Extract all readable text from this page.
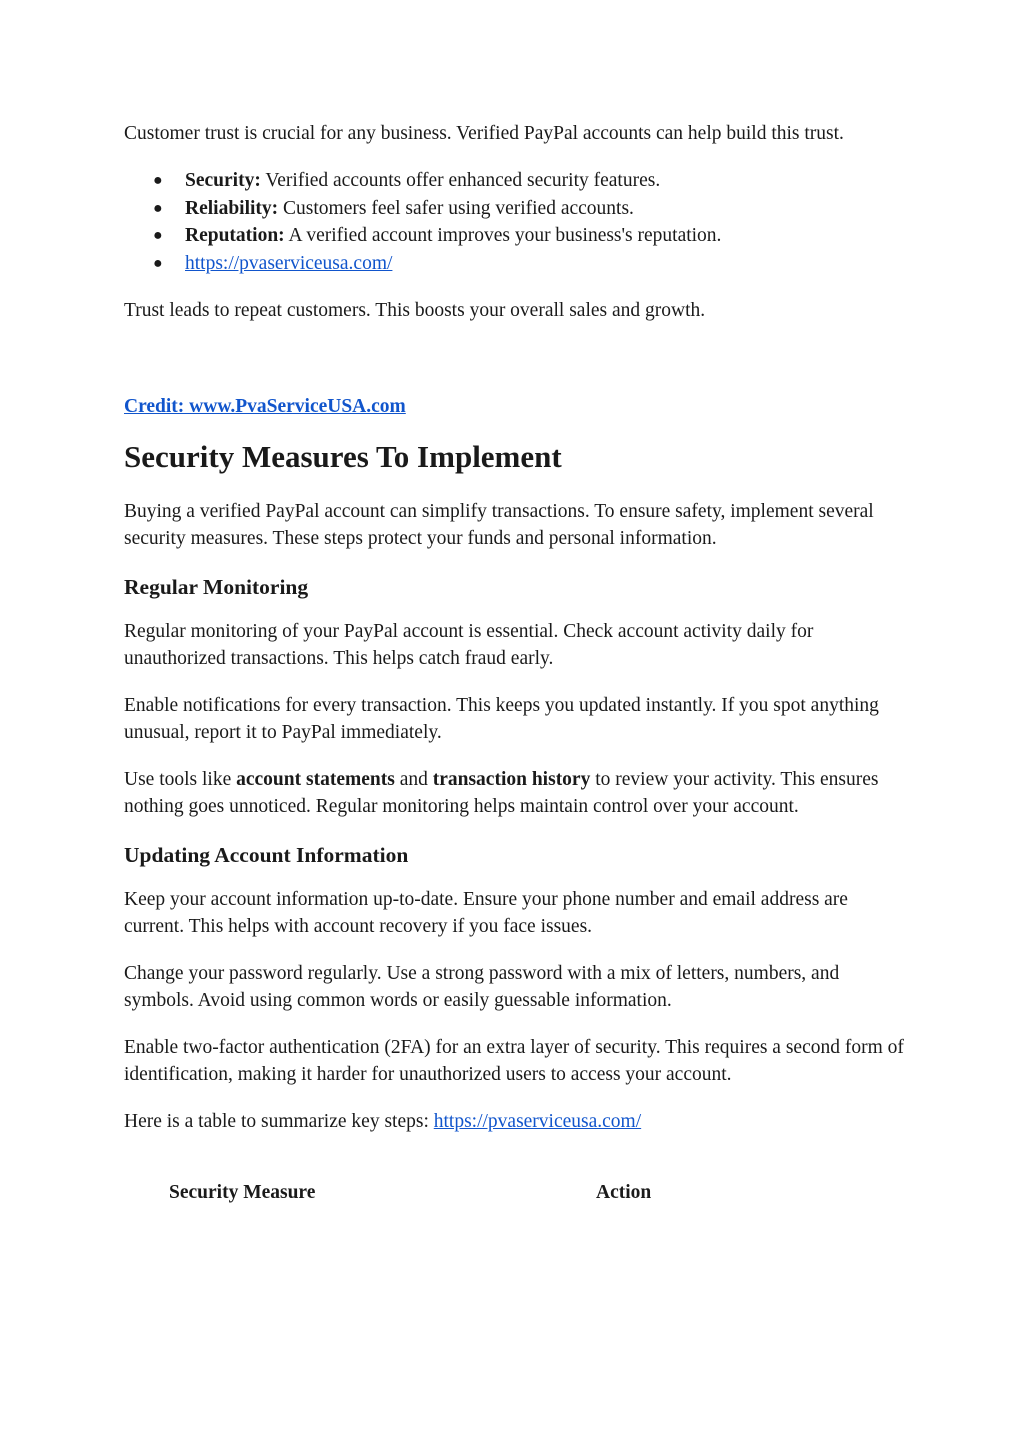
Customer trust is crucial for any business. Verified PayPal accounts can help build this trust.

● Security: Verified accounts offer enhanced security features.
● Reliability: Customers feel safer using verified accounts.
● Reputation: A verified account improves your business's reputation.
● https://pvaserviceusa.com/

Trust leads to repeat customers. This boosts your overall sales and growth.

Credit: www.PvaServiceUSA.com

Security Measures To Implement

Buying a verified PayPal account can simplify transactions. To ensure safety, implement several security measures. These steps protect your funds and personal information.

Regular Monitoring

Regular monitoring of your PayPal account is essential. Check account activity daily for unauthorized transactions. This helps catch fraud early.

Enable notifications for every transaction. This keeps you updated instantly. If you spot anything unusual, report it to PayPal immediately.

Use tools like account statements and transaction history to review your activity. This ensures nothing goes unnoticed. Regular monitoring helps maintain control over your account.

Updating Account Information

Keep your account information up-to-date. Ensure your phone number and email address are current. This helps with account recovery if you face issues.

Change your password regularly. Use a strong password with a mix of letters, numbers, and symbols. Avoid using common words or easily guessable information.

Enable two-factor authentication (2FA) for an extra layer of security. This requires a second form of identification, making it harder for unauthorized users to access your account.

Here is a table to summarize key steps: https://pvaserviceusa.com/

Security Measure	Action
